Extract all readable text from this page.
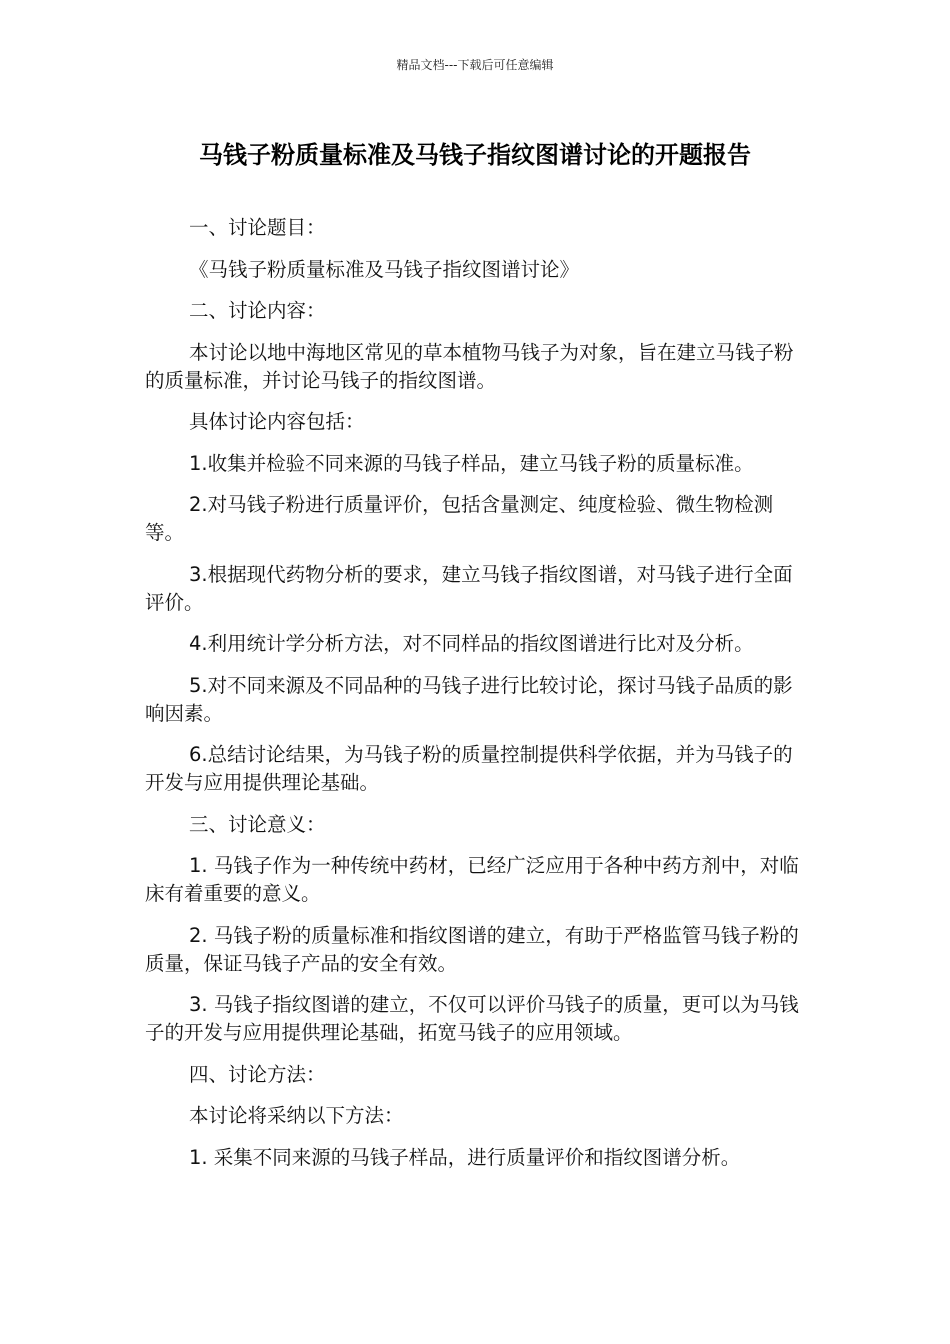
精品文档---下载后可任意编辑
马钱子粉质量标准及马钱子指纹图谱讨论的开题报告

一、讨论题目：

《马钱子粉质量标准及马钱子指纹图谱讨论》

二、讨论内容：

本讨论以地中海地区常见的草本植物马钱子为对象，旨在建立马钱子粉的质量标准，并讨论马钱子的指纹图谱。

具体讨论内容包括：

1.收集并检验不同来源的马钱子样品，建立马钱子粉的质量标准。

2.对马钱子粉进行质量评价，包括含量测定、纯度检验、微生物检测等。

3.根据现代药物分析的要求，建立马钱子指纹图谱，对马钱子进行全面评价。

4.利用统计学分析方法，对不同样品的指纹图谱进行比对及分析。

5.对不同来源及不同品种的马钱子进行比较讨论，探讨马钱子品质的影响因素。

6.总结讨论结果，为马钱子粉的质量控制提供科学依据，并为马钱子的开发与应用提供理论基础。

三、讨论意义：

1. 马钱子作为一种传统中药材，已经广泛应用于各种中药方剂中，对临床有着重要的意义。

2. 马钱子粉的质量标准和指纹图谱的建立，有助于严格监管马钱子粉的质量，保证马钱子产品的安全有效。

3. 马钱子指纹图谱的建立，不仅可以评价马钱子的质量，更可以为马钱子的开发与应用提供理论基础，拓宽马钱子的应用领域。

四、讨论方法：

本讨论将采纳以下方法：

1. 采集不同来源的马钱子样品，进行质量评价和指纹图谱分析。
